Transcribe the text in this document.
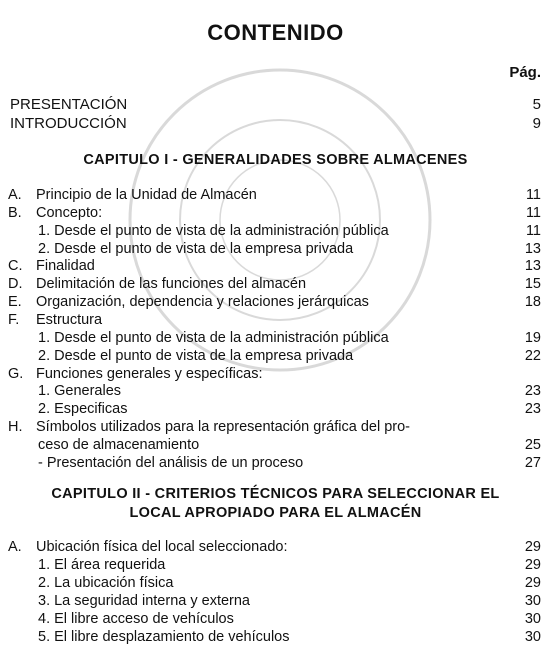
CONTENIDO
Pág.
PRESENTACIÓN	5
INTRODUCCIÓN	9
CAPITULO I - GENERALIDADES SOBRE ALMACENES
A. Principio de la Unidad de Almacén	11
B. Concepto:	11
1. Desde el punto de vista de la administración pública	11
2. Desde el punto de vista de la empresa privada	13
C. Finalidad	13
D. Delimitación de las funciones del almacén	15
E. Organización, dependencia y relaciones jerárquicas	18
F. Estructura
1. Desde el punto de vista de la administración pública	19
2. Desde el punto de vista de la empresa privada	22
G. Funciones generales y específicas:
1. Generales	23
2. Especificas	23
H. Símbolos utilizados para la representación gráfica del pro-
ceso de almacenamiento	25
- Presentación del análisis de un proceso	27
CAPITULO II - CRITERIOS TÉCNICOS PARA SELECCIONAR EL
LOCAL APROPIADO PARA EL ALMACÉN
A. Ubicación física del local seleccionado:	29
1. El área requerida	29
2. La ubicación física	29
3. La seguridad interna y externa	30
4. El libre acceso de vehículos	30
5. El libre desplazamiento de vehículos	30
